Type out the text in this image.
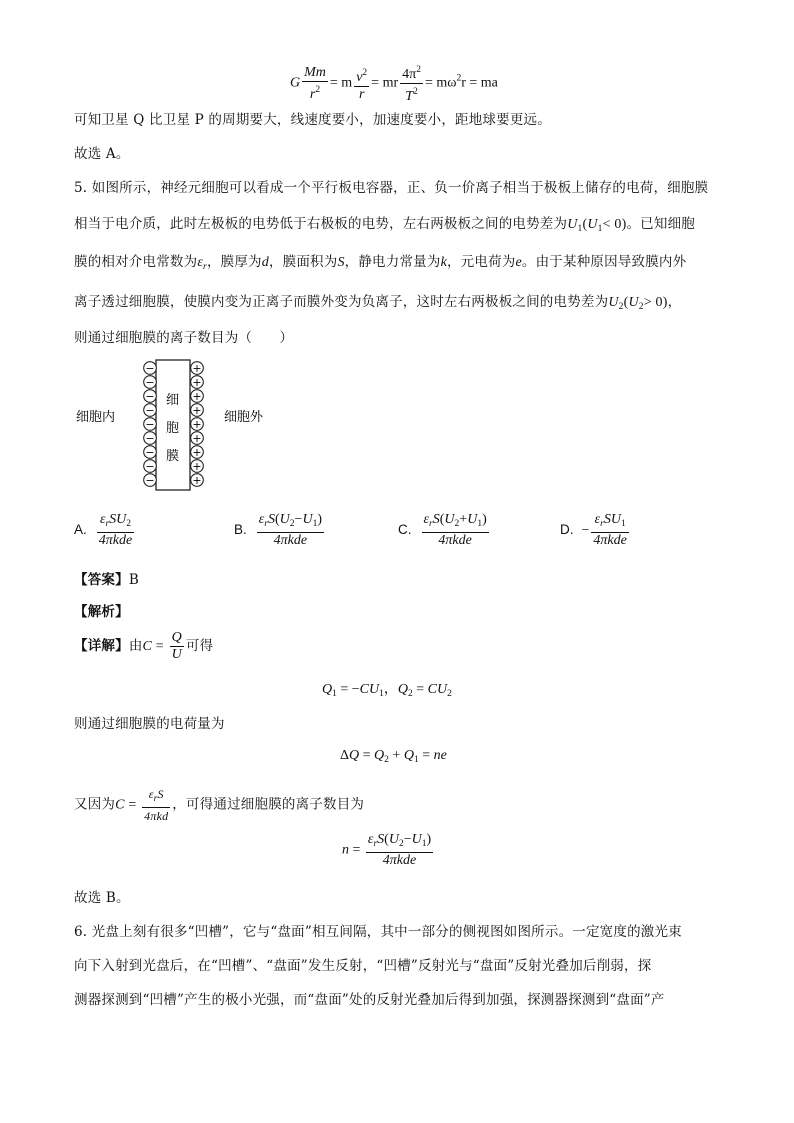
G $\frac{Mm}{r^2} = m \frac{v^2}{r}$ = mr $\frac{4\pi^2}{T^2} = m\omega^2r$ = ma
可知卫星 Q 比卫星 P 的周期要大，线速度要小，加速度要小，距地球要更远。
故选 A。
5. 如图所示，神经元细胞可以看成一个平行板电容器，正、负一价离子相当于极板上储存的电荷，细胞膜
相当于电介质，此时左极板的电势低于右极板的电势，左右两极板之间的电势差为$U_1(U_1< 0)$。已知细胞
膜的相对介电常数为$\varepsilon_r$，膜厚为d，膜面积为S，静电力常量为k，元电荷为e。由于某种原因导致膜内外
离子透过细胞膜，使膜内变为正离子而膜外变为负离子，这时左右两极板之间的电势差为$U_2(U_2> 0)$，
则通过细胞膜的离子数目为（　　）
细胞内	细胞外
细
胞
膜
−
−
−
−
−
−
−
−
−
+
+
+
+
+
+
+
+
+
A. $\frac{\varepsilon_rSU_2}{\text{4πkde}}$	B. $\frac{\varepsilon_rS(U_2-U_1)}{\text{4πkde}}$	C. $\frac{\varepsilon_rS(U_2+U_1)}{\text{4πkde}}$	D. − $\frac{\varepsilon_rSU_1}{\text{4πkde}}$
【答案】B
【解析】
【详解】由$C = \frac{Q}{U}$ 可得
$Q_1 = -CU_1$，$Q_2 = CU_2$
则通过细胞膜的电荷量为
$\Delta Q = Q_2 + Q_1$ = ne
又因为$C = \frac{\varepsilon_rS}{\text{4πkd}}$ ，可得通过细胞膜的离子数目为
$n = \frac{\varepsilon_rS(U_2-U_1)}{\text{4πkde}}$
故选 B。
6. 光盘上刻有很多“凹槽”，它与“盘面”相互间隔，其中一部分的侧视图如图所示。一定宽度的激光束
向下入射到光盘后，在“凹槽”、“盘面”发生反射，“凹槽”反射光与“盘面”反射光叠加后削弱，探
测器探测到“凹槽”产生的极小光强，而“盘面”处的反射光叠加后得到加强，探测器探测到“盘面”产
